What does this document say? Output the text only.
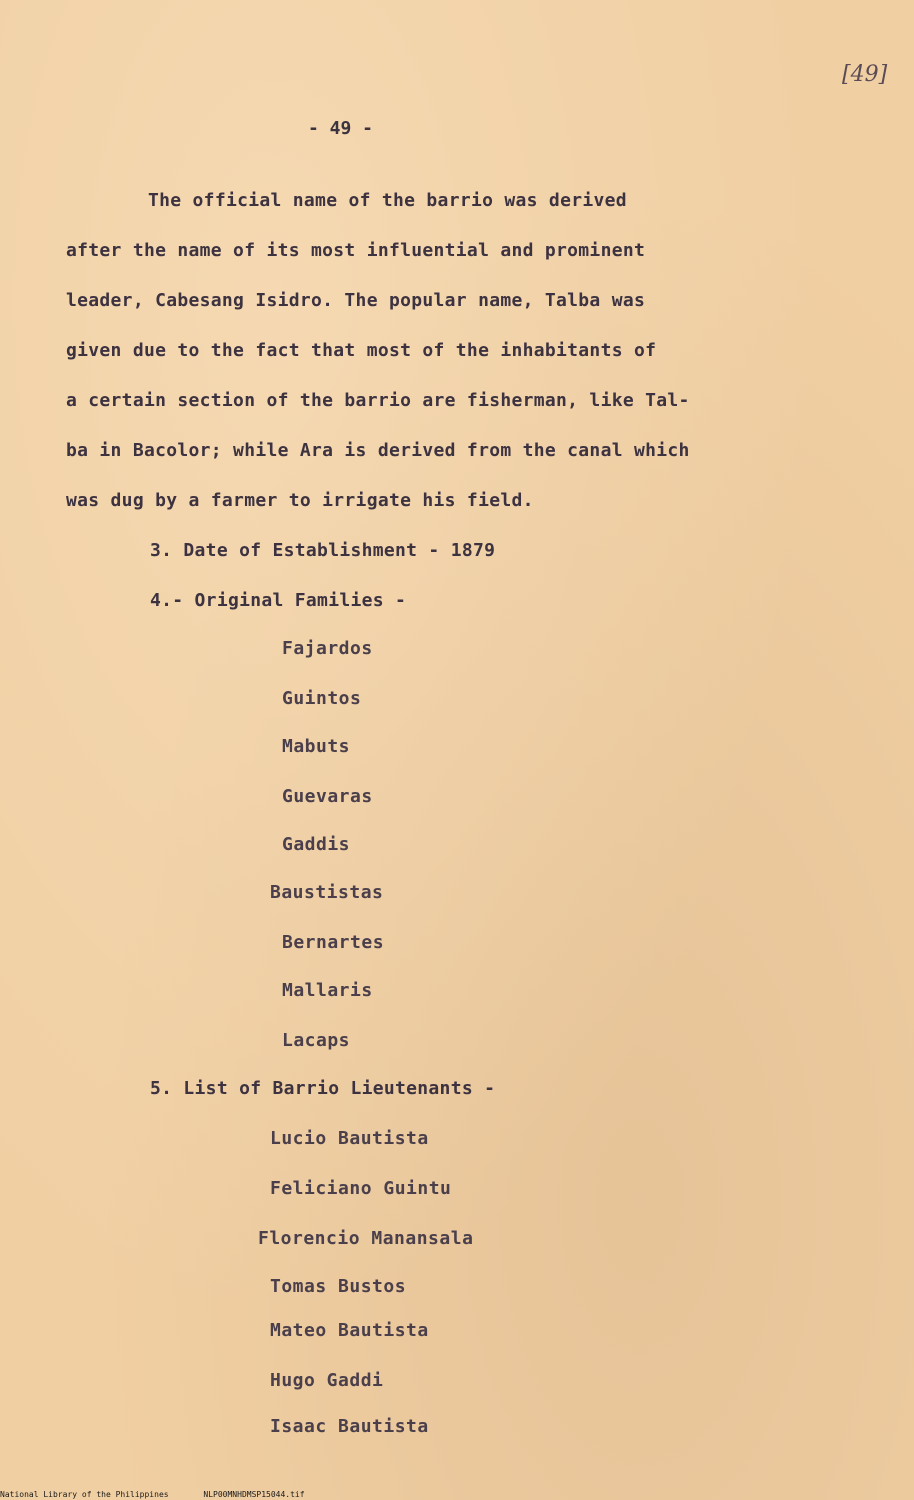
[49]
- 49 -
The official name of the barrio was derived
after the name of its most influential and prominent
leader, Cabesang Isidro. The popular name, Talba was
given due to the fact that most of the inhabitants of
a certain section of the barrio are fisherman, like Tal-
ba in Bacolor; while Ara is derived from the canal which
was dug by a farmer to irrigate his field.
3. Date of Establishment - 1879
4.- Original Families -
Fajardos
Guintos
Mabuts
Guevaras
Gaddis
Baustistas
Bernartes
Mallaris
Lacaps
5. List of Barrio Lieutenants -
Lucio Bautista
Feliciano Guintu
Florencio Manansala
Tomas Bustos
Mateo Bautista
Hugo Gaddi
Isaac Bautista
National Library of the Philippines	NLP00MNHDMSP15044.tif
